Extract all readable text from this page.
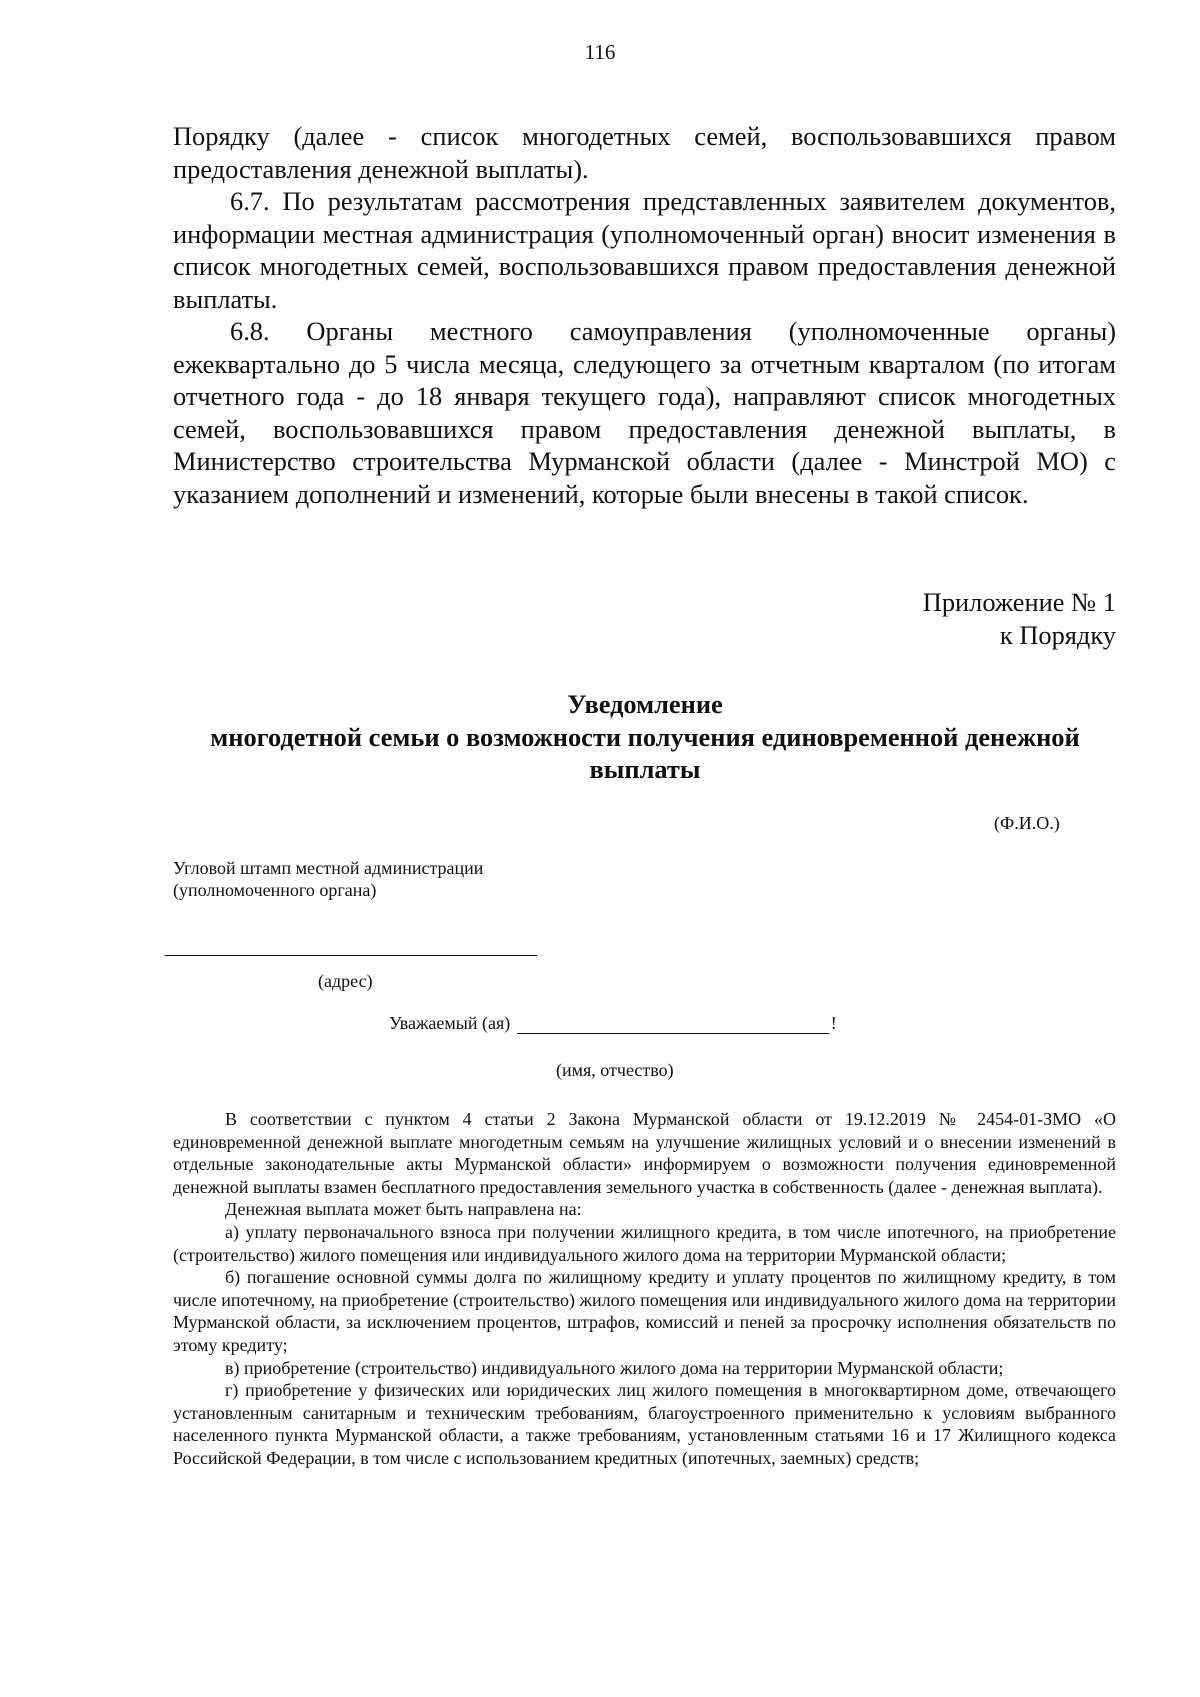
116

Порядку (далее - список многодетных семей, воспользовавшихся правом предоставления денежной выплаты).

6.7. По результатам рассмотрения представленных заявителем документов, информации местная администрация (уполномоченный орган) вносит изменения в список многодетных семей, воспользовавшихся правом предоставления денежной выплаты.

6.8. Органы местного самоуправления (уполномоченные органы) ежеквартально до 5 числа месяца, следующего за отчетным кварталом (по итогам отчетного года - до 18 января текущего года), направляют список многодетных семей, воспользовавшихся правом предоставления денежной выплаты, в Министерство строительства Мурманской области (далее - Минстрой МО) с указанием дополнений и изменений, которые были внесены в такой список.

Приложение № 1
к Порядку
Уведомление
многодетной семьи о возможности получения единовременной денежной
выплаты
(Ф.И.О.)
Угловой штамп местной администрации
(уполномоченного органа)
(адрес)
Уважаемый (ая)	!
(имя, отчество)

В соответствии с пунктом 4 статьи 2 Закона Мурманской области от 19.12.2019 № 2454-01-ЗМО «О единовременной денежной выплате многодетным семьям на улучшение жилищных условий и о внесении изменений в отдельные законодательные акты Мурманской области» информируем о возможности получения единовременной денежной выплаты взамен бесплатного предоставления земельного участка в собственность (далее - денежная выплата).

Денежная выплата может быть направлена на:

а) уплату первоначального взноса при получении жилищного кредита, в том числе ипотечного, на приобретение (строительство) жилого помещения или индивидуального жилого дома на территории Мурманской области;

б) погашение основной суммы долга по жилищному кредиту и уплату процентов по жилищному кредиту, в том числе ипотечному, на приобретение (строительство) жилого помещения или индивидуального жилого дома на территории Мурманской области, за исключением процентов, штрафов, комиссий и пеней за просрочку исполнения обязательств по этому кредиту;

в) приобретение (строительство) индивидуального жилого дома на территории Мурманской области;

г) приобретение у физических или юридических лиц жилого помещения в многоквартирном доме, отвечающего установленным санитарным и техническим требованиям, благоустроенного применительно к условиям выбранного населенного пункта Мурманской области, а также требованиям, установленным статьями 16 и 17 Жилищного кодекса Российской Федерации, в том числе с использованием кредитных (ипотечных, заемных) средств;
